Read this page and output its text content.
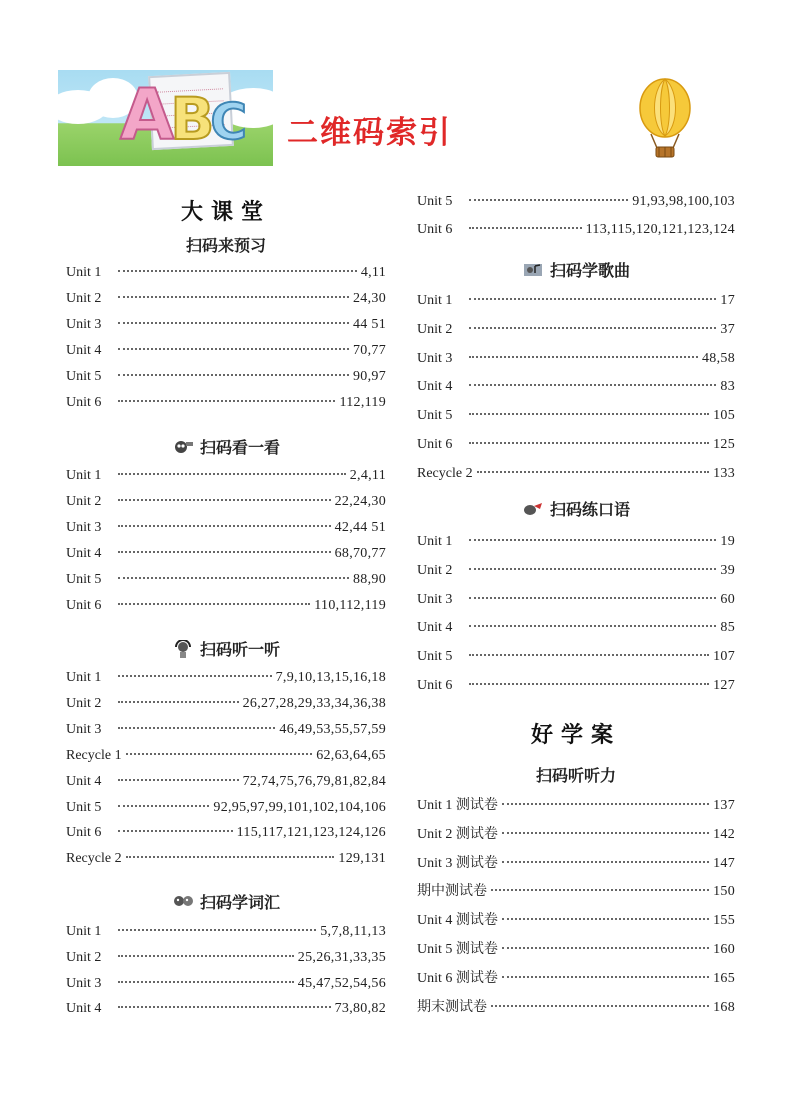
ABC 二维码索引
大课堂
扫码来预习
Unit 1	4,11
Unit 2	24,30
Unit 3	44 51
Unit 4	70,77
Unit 5	90,97
Unit 6	112,119
扫码看一看
Unit 1	2,4,11
Unit 2	22,24,30
Unit 3	42,44 51
Unit 4	68,70,77
Unit 5	88,90
Unit 6	110,112,119
扫码听一听
Unit 1	7,9,10,13,15,16,18
Unit 2	26,27,28,29,33,34,36,38
Unit 3	46,49,53,55,57,59
Recycle 1	62,63,64,65
Unit 4	72,74,75,76,79,81,82,84
Unit 5	92,95,97,99,101,102,104,106
Unit 6	115,117,121,123,124,126
Recycle 2	129,131
扫码学词汇
Unit 1	5,7,8,11,13
Unit 2	25,26,31,33,35
Unit 3	45,47,52,54,56
Unit 4	73,80,82
Unit 5	91,93,98,100,103
Unit 6	113,115,120,121,123,124
扫码学歌曲
Unit 1	17
Unit 2	37
Unit 3	48,58
Unit 4	83
Unit 5	105
Unit 6	125
Recycle 2	133
扫码练口语
Unit 1	19
Unit 2	39
Unit 3	60
Unit 4	85
Unit 5	107
Unit 6	127
好学案
扫码听听力
Unit 1 测试卷	137
Unit 2 测试卷	142
Unit 3 测试卷	147
期中测试卷	150
Unit 4 测试卷	155
Unit 5 测试卷	160
Unit 6 测试卷	165
期末测试卷	168
